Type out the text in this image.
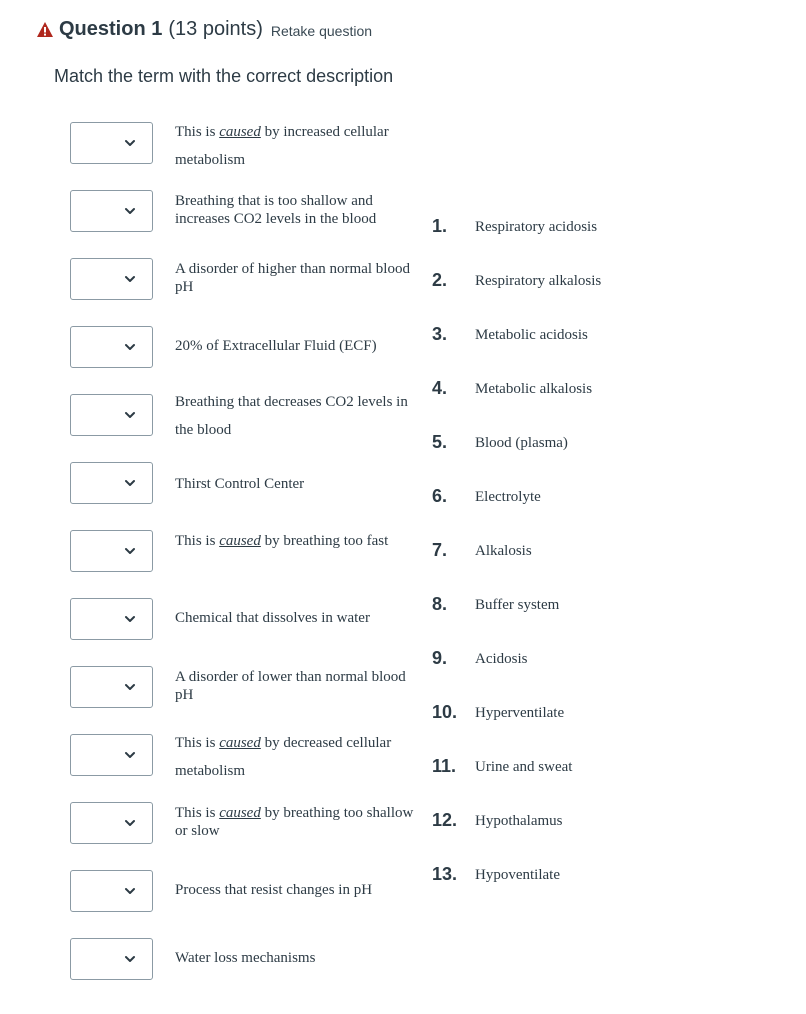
Question 1 (13 points) Retake question
Match the term with the correct description
This is caused by increased cellular metabolism
Breathing that is too shallow and increases CO2 levels in the blood
A disorder of higher than normal blood pH
20% of Extracellular Fluid (ECF)
Breathing that decreases CO2 levels in the blood
Thirst Control Center
This is caused by breathing too fast
Chemical that dissolves in water
A disorder of lower than normal blood pH
This is caused by decreased cellular metabolism
This is caused by breathing too shallow or slow
Process that resist changes in pH
Water loss mechanisms
1. Respiratory acidosis
2. Respiratory alkalosis
3. Metabolic acidosis
4. Metabolic alkalosis
5. Blood (plasma)
6. Electrolyte
7. Alkalosis
8. Buffer system
9. Acidosis
10. Hyperventilate
11. Urine and sweat
12. Hypothalamus
13. Hypoventilate
